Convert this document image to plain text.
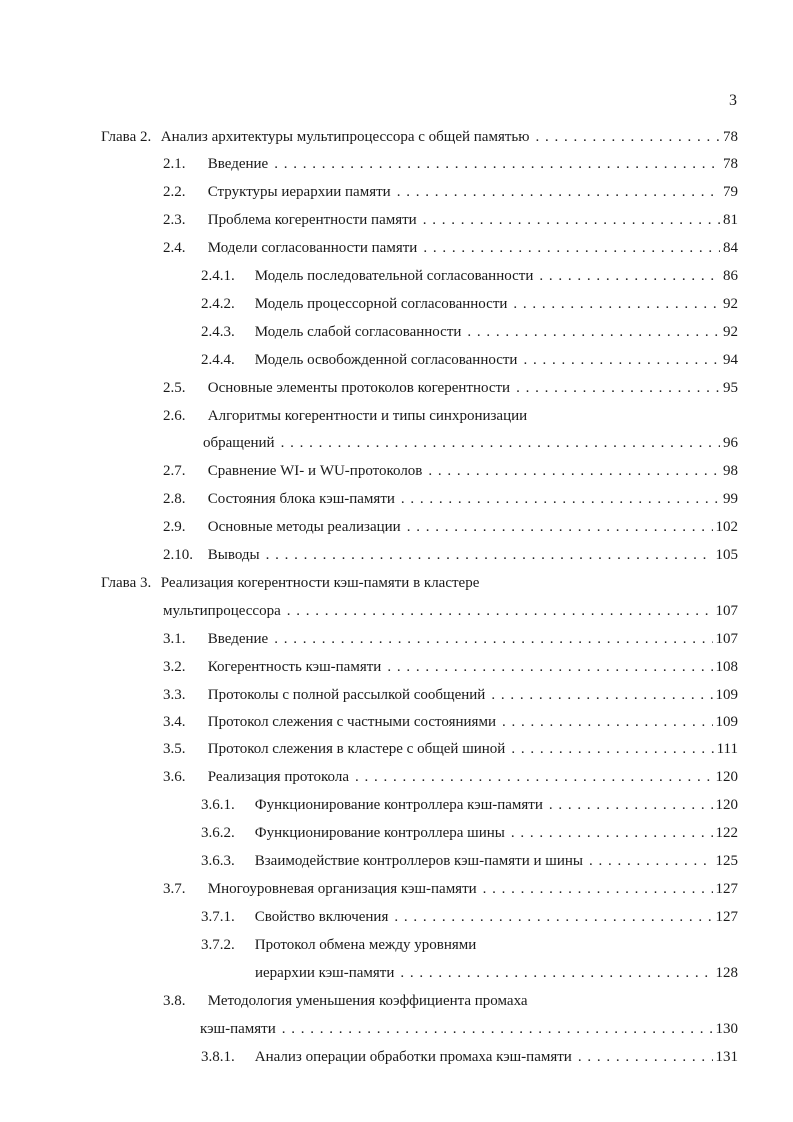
3
Глава 2. Анализ архитектуры мультипроцессора с общей памятью . . .	78
2.1. Введение . . .	78
2.2. Структуры иерархии памяти . . .	79
2.3. Проблема когерентности памяти . . .	81
2.4. Модели согласованности памяти . . .	84
2.4.1. Модель последовательной согласованности . . .	86
2.4.2. Модель процессорной согласованности . . .	92
2.4.3. Модель слабой согласованности . . .	92
2.4.4. Модель освобожденной согласованности . . .	94
2.5. Основные элементы протоколов когерентности . . .	95
2.6. Алгоритмы когерентности и типы синхронизации
обращений . . .	96
2.7. Сравнение WI- и WU-протоколов . . .	98
2.8. Состояния блока кэш-памяти . . .	99
2.9. Основные методы реализации . . .	102
2.10. Выводы . . .	105
Глава 3. Реализация когерентности кэш-памяти в кластере
мультипроцессора . . .	107
3.1. Введение . . .	107
3.2. Когерентность кэш-памяти . . .	108
3.3. Протоколы с полной рассылкой сообщений . . .	109
3.4. Протокол слежения с частными состояниями . . .	109
3.5. Протокол слежения в кластере с общей шиной . . .	111
3.6. Реализация протокола . . .	120
3.6.1. Функционирование контроллера кэш-памяти . . .	120
3.6.2. Функционирование контроллера шины . . .	122
3.6.3. Взаимодействие контроллеров кэш-памяти и шины . . .	125
3.7. Многоуровневая организация кэш-памяти . . .	127
3.7.1. Свойство включения . . .	127
3.7.2. Протокол обмена между уровнями
иерархии кэш-памяти . . .	128
3.8. Методология уменьшения коэффициента промаха
кэш-памяти . . .	130
3.8.1. Анализ операции обработки промаха кэш-памяти . . .	131
